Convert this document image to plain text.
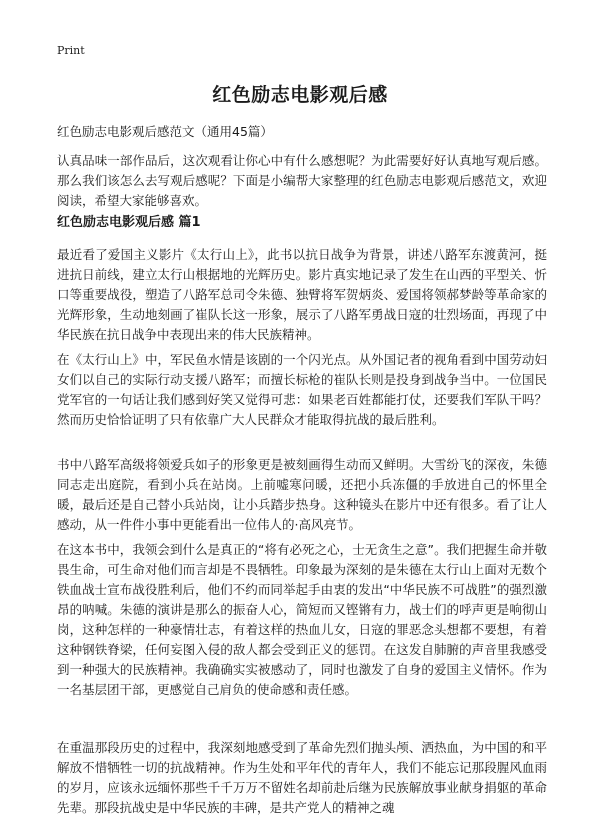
Print
红色励志电影观后感
红色励志电影观后感范文（通用45篇）
认真品味一部作品后，这次观看让你心中有什么感想呢？为此需要好好认真地写观后感。那么我们该怎么去写观后感呢？下面是小编帮大家整理的红色励志电影观后感范文，欢迎阅读，希望大家能够喜欢。
红色励志电影观后感 篇1
最近看了爱国主义影片《太行山上》，此书以抗日战争为背景，讲述八路军东渡黄河，挺进抗日前线，建立太行山根据地的光辉历史。影片真实地记录了发生在山西的平型关、忻口等重要战役，塑造了八路军总司令朱德、独臂将军贺炳炎、爱国将领郝梦龄等革命家的光辉形象，生动地刻画了崔队长这一形象，展示了八路军勇战日寇的壮烈场面，再现了中华民族在抗日战争中表现出来的伟大民族精神。
在《太行山上》中，军民鱼水情是该剧的一个闪光点。从外国记者的视角看到中国劳动妇女们以自己的实际行动支援八路军；而擅长标枪的崔队长则是投身到战争当中。一位国民党军官的一句话让我们感到好笑又觉得可悲：如果老百姓都能打仗，还要我们军队干吗？然而历史恰恰证明了只有依靠广大人民群众才能取得抗战的最后胜利。
书中八路军高级将领爱兵如子的形象更是被刻画得生动而又鲜明。大雪纷飞的深夜，朱德同志走出庭院，看到小兵在站岗。上前嘘寒问暖，还把小兵冻僵的手放进自己的怀里全暖，最后还是自己替小兵站岗，让小兵踏步热身。这种镜头在影片中还有很多。看了让人感动，从一件件小事中更能看出一位伟人的·高风亮节。
在这本书中，我领会到什么是真正的“将有必死之心，士无贪生之意”。我们把握生命并敬畏生命，可生命对他们而言却是不畏牺牲。印象最为深刻的是朱德在太行山上面对无数个铁血战士宣布战役胜利后，他们不约而同举起手由衷的发出“中华民族不可战胜”的强烈激昂的呐喊。朱德的演讲是那么的振奋人心，简短而又铿锵有力，战士们的呼声更是响彻山岗，这种怎样的一种豪情壮志，有着这样的热血儿女，日寇的罪恶念头想都不要想，有着这种钢铁脊梁，任何妄图入侵的敌人都会受到正义的惩罚。在这发自肺腑的声音里我感受到一种强大的民族精神。我确确实实被感动了，同时也激发了自身的爱国主义情怀。作为一名基层团干部，更感觉自己肩负的使命感和责任感。
在重温那段历史的过程中，我深刻地感受到了革命先烈们抛头颅、洒热血，为中国的和平解放不惜牺牲一切的抗战精神。作为生处和平年代的青年人，我们不能忘记那段腥风血雨的岁月，应该永远缅怀那些千千万万不留姓名却前赴后继为民族解放事业献身捐躯的革命先辈。那段抗战史是中华民族的丰碑，是共产党人的精神之魂
